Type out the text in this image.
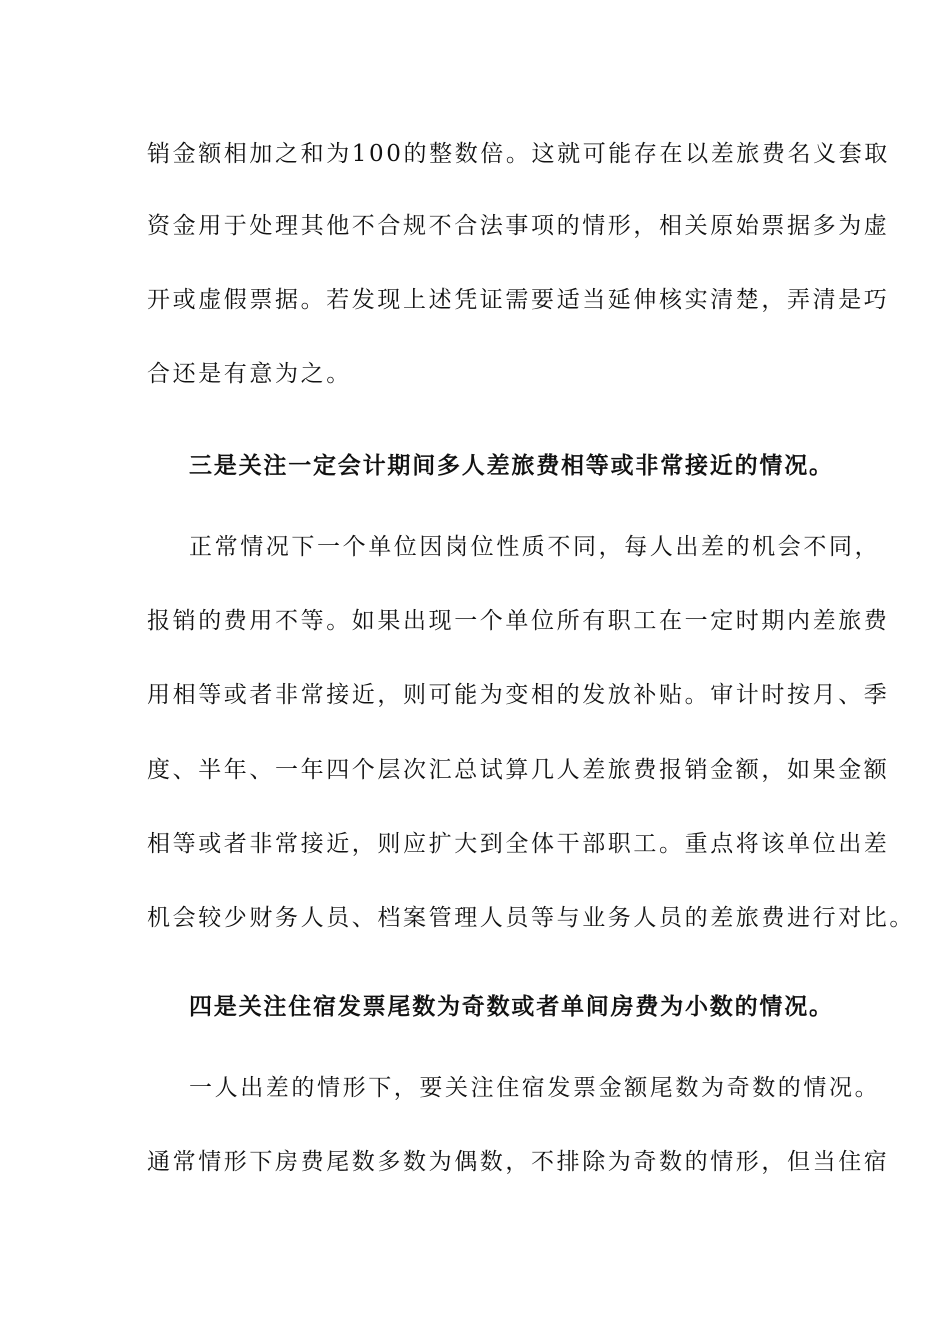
销金额相加之和为100的整数倍。这就可能存在以差旅费名义套取
资金用于处理其他不合规不合法事项的情形，相关原始票据多为虚
开或虚假票据。若发现上述凭证需要适当延伸核实清楚，弄清是巧
合还是有意为之。
三是关注一定会计期间多人差旅费相等或非常接近的情况。
正常情况下一个单位因岗位性质不同，每人出差的机会不同，
报销的费用不等。如果出现一个单位所有职工在一定时期内差旅费
用相等或者非常接近，则可能为变相的发放补贴。审计时按月、季
度、半年、一年四个层次汇总试算几人差旅费报销金额，如果金额
相等或者非常接近，则应扩大到全体干部职工。重点将该单位出差
机会较少财务人员、档案管理人员等与业务人员的差旅费进行对比。
四是关注住宿发票尾数为奇数或者单间房费为小数的情况。
一人出差的情形下，要关注住宿发票金额尾数为奇数的情况。
通常情形下房费尾数多数为偶数，不排除为奇数的情形，但当住宿
